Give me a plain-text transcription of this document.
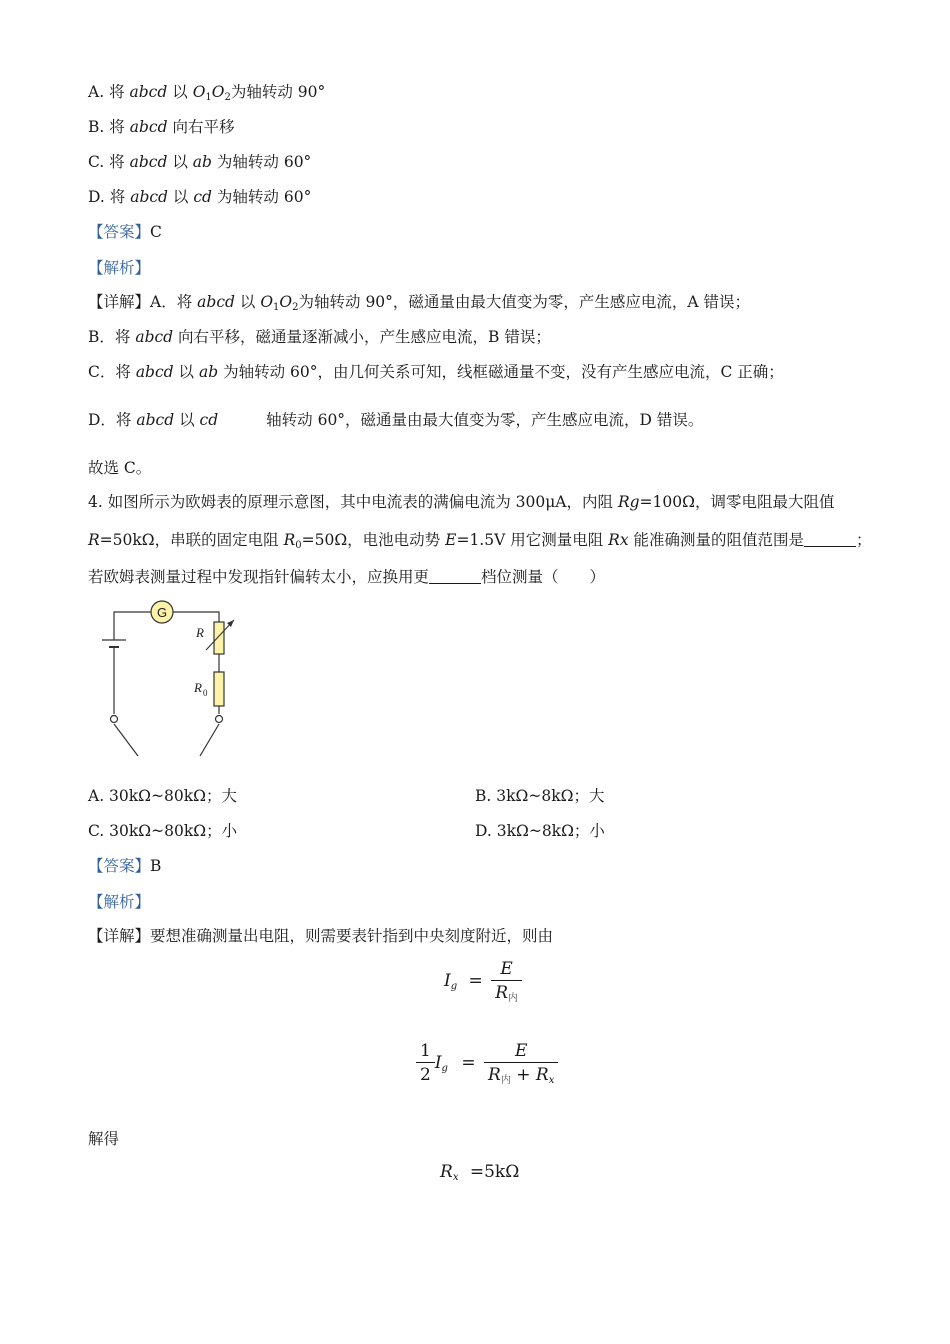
A. 将 abcd 以 $O_1O_2$为轴转动 90°
B. 将 abcd 向右平移
C. 将 abcd 以 ab 为轴转动 60°
D. 将 abcd 以 cd 为轴转动 60°
【答案】C
【解析】
【详解】A．将 abcd 以 $O_1O_2$为轴转动 90°，磁通量由最大值变为零，产生感应电流，A 错误；
B．将 abcd 向右平移，磁通量逐渐减小，产生感应电流，B 错误；
C．将 abcd 以 ab 为轴转动 60°，由几何关系可知，线框磁通量不变，没有产生感应电流，C 正确；
D．将 abcd 以 cd	轴转动 60°，磁通量由最大值变为零，产生感应电流，D 错误。
故选 C。
4. 如图所示为欧姆表的原理示意图，其中电流表的满偏电流为 300μA，内阻 Rg=100Ω，调零电阻最大阻值
R=50kΩ，串联的固定电阻 $R_0=50\Omega$，电池电动势 E=1.5V 用它测量电阻 Rx 能准确测量的阻值范围是	；
若欧姆表测量过程中发现指针偏转太小，应换用更	档位测量（　　）
G
R
R 0
A. 30kΩ~80kΩ；大	B. 3kΩ~8kΩ；大
C. 30kΩ~80kΩ；小	D. 3kΩ~8kΩ；小
【答案】B
【解析】
【详解】要想准确测量出电阻，则需要表针指到中央刻度附近，则由
$I_g = \frac{E}{R_内}$
$\frac{1}{2} I_g = \frac{E}{R_内 + R_x}$
解得
$R_x =5k\Omega$
